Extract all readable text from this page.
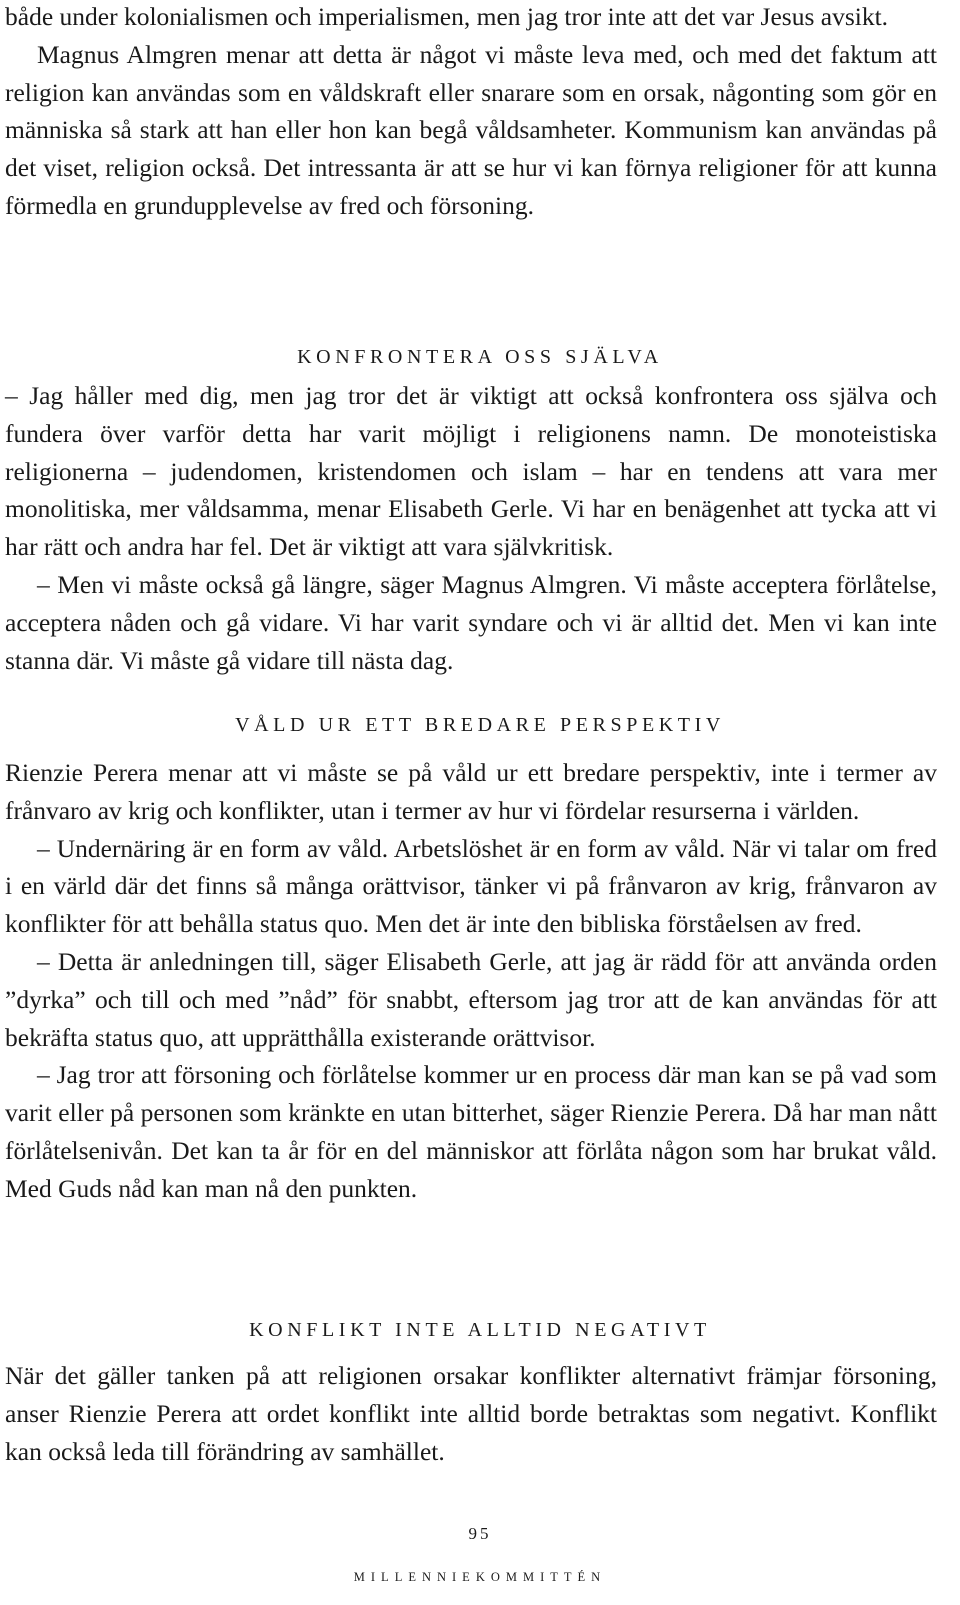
både under kolonialismen och imperialismen, men jag tror inte att det var Jesus avsikt.

Magnus Almgren menar att detta är något vi måste leva med, och med det faktum att religion kan användas som en våldskraft eller snarare som en orsak, någonting som gör en människa så stark att han eller hon kan begå våldsamheter. Kommunism kan användas på det viset, religion också. Det intressanta är att se hur vi kan förnya religioner för att kunna förmedla en grundupplevelse av fred och försoning.

KONFRONTERA OSS SJÄLVA

– Jag håller med dig, men jag tror det är viktigt att också konfrontera oss själva och fundera över varför detta har varit möjligt i religionens namn. De monoteistiska religionerna – judendomen, kristendomen och islam – har en tendens att vara mer monolitiska, mer våldsamma, menar Elisabeth Gerle. Vi har en benägenhet att tycka att vi har rätt och andra har fel. Det är viktigt att vara självkritisk.

– Men vi måste också gå längre, säger Magnus Almgren. Vi måste acceptera förlåtelse, acceptera nåden och gå vidare. Vi har varit syndare och vi är alltid det. Men vi kan inte stanna där. Vi måste gå vidare till nästa dag.

VÅLD UR ETT BREDARE PERSPEKTIV

Rienzie Perera menar att vi måste se på våld ur ett bredare perspektiv, inte i termer av frånvaro av krig och konflikter, utan i termer av hur vi fördelar resurserna i världen.

– Undernäring är en form av våld. Arbetslöshet är en form av våld. När vi talar om fred i en värld där det finns så många orättvisor, tänker vi på frånvaron av krig, frånvaron av konflikter för att behålla status quo. Men det är inte den bibliska förståelsen av fred.

– Detta är anledningen till, säger Elisabeth Gerle, att jag är rädd för att använda orden ”dyrka” och till och med ”nåd” för snabbt, eftersom jag tror att de kan användas för att bekräfta status quo, att upprätthålla existerande orättvisor.

– Jag tror att försoning och förlåtelse kommer ur en process där man kan se på vad som varit eller på personen som kränkte en utan bitterhet, säger Rienzie Perera. Då har man nått förlåtelsenivån. Det kan ta år för en del människor att förlåta någon som har brukat våld. Med Guds nåd kan man nå den punkten.

KONFLIKT INTE ALLTID NEGATIVT

När det gäller tanken på att religionen orsakar konflikter alternativt främjar försoning, anser Rienzie Perera att ordet konflikt inte alltid borde betraktas som negativt. Konflikt kan också leda till förändring av samhället.

95
MILLENNIEKOMMITTÉN
